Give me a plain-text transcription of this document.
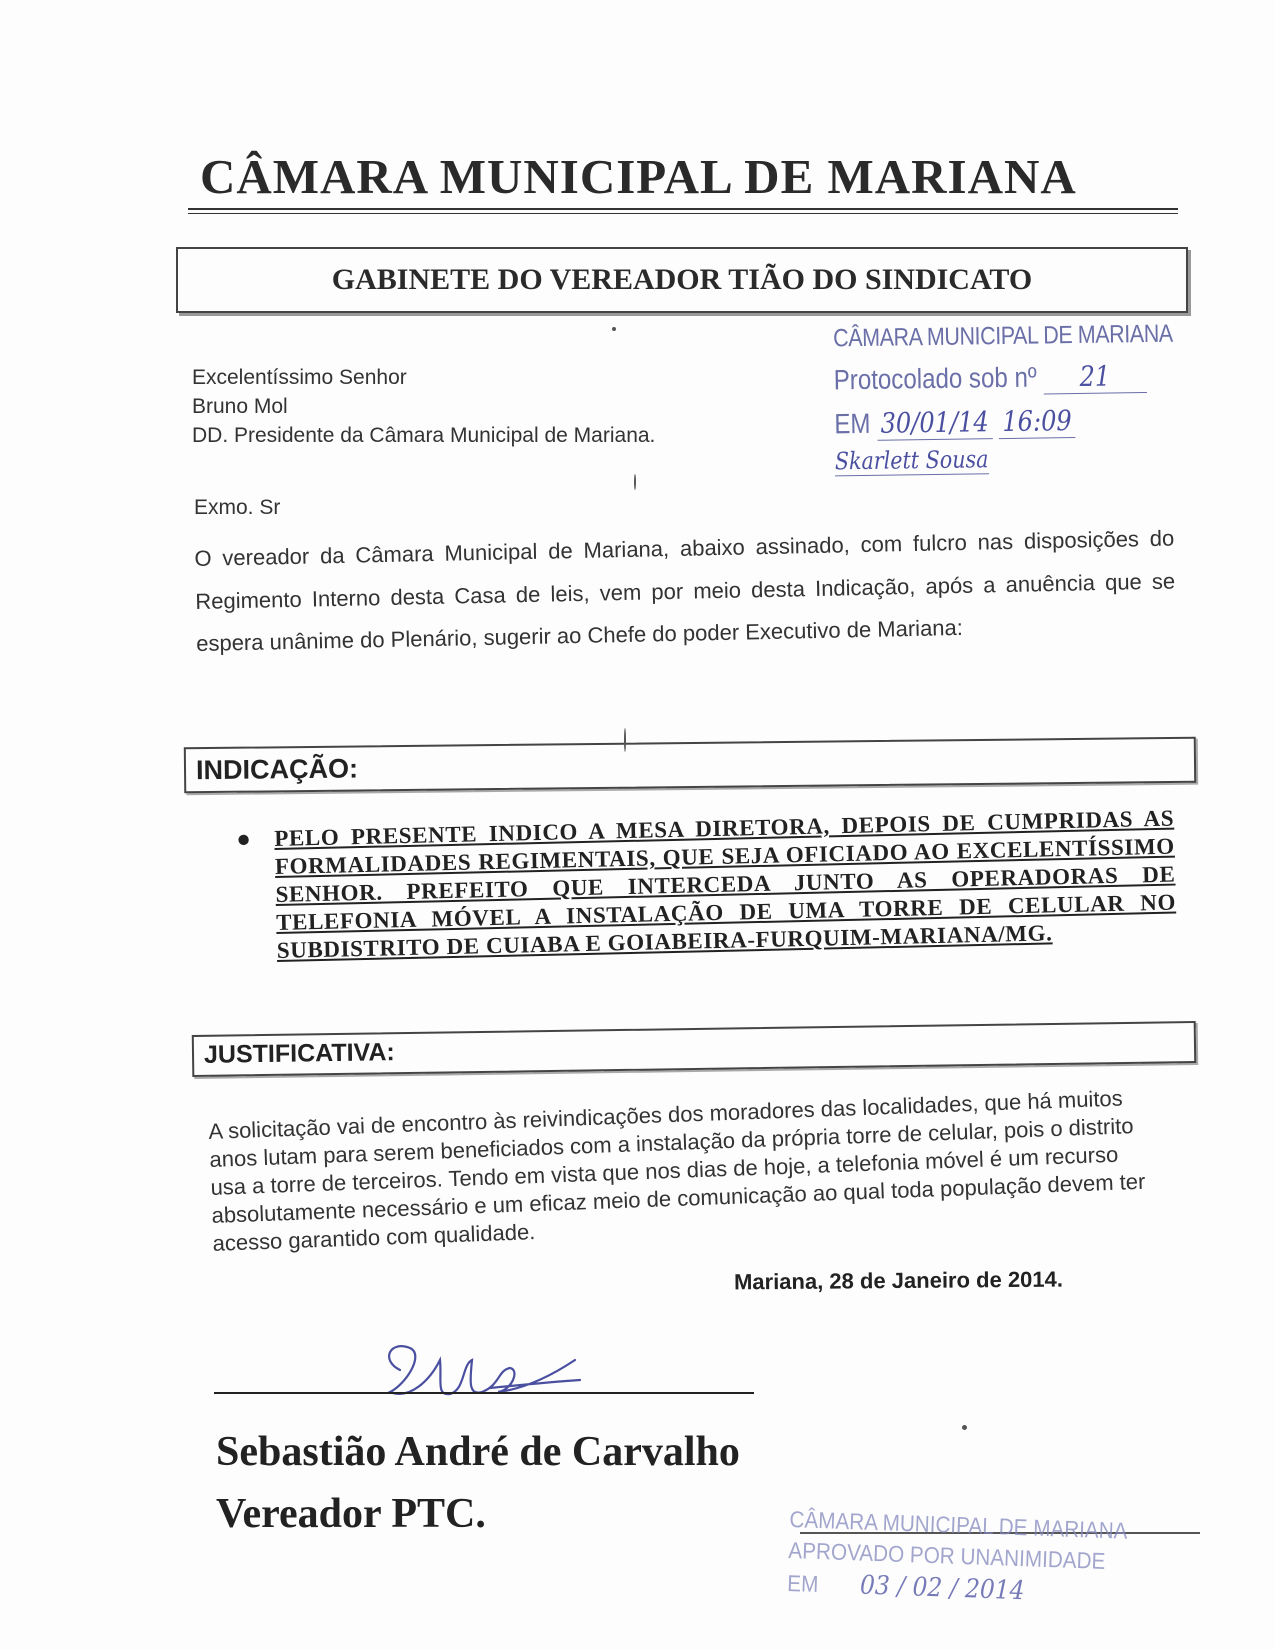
CÂMARA MUNICIPAL DE MARIANA
GABINETE DO VEREADOR TIÃO DO SINDICATO
CÂMARA MUNICIPAL DE MARIANA
Protocolado sob nº 21
EM 30/01/14 16:09
Skarlett Sousa
Excelentíssimo Senhor
Bruno Mol
DD. Presidente da Câmara Municipal de Mariana.
Exmo. Sr
O vereador da Câmara Municipal de Mariana, abaixo assinado, com fulcro nas disposições do Regimento Interno desta Casa de leis, vem por meio desta Indicação, após a anuência que se espera unânime do Plenário, sugerir ao Chefe do poder Executivo de Mariana:
INDICAÇÃO:
● PELO PRESENTE INDICO A MESA DIRETORA, DEPOIS DE CUMPRIDAS AS FORMALIDADES REGIMENTAIS, QUE SEJA OFICIADO AO EXCELENTÍSSIMO SENHOR. PREFEITO QUE INTERCEDA JUNTO AS OPERADORAS DE TELEFONIA MÓVEL A INSTALAÇÃO DE UMA TORRE DE CELULAR NO SUBDISTRITO DE CUIABA E GOIABEIRA-FURQUIM-MARIANA/MG.
JUSTIFICATIVA:
A solicitação vai de encontro às reivindicações dos moradores das localidades, que há muitos anos lutam para serem beneficiados com a instalação da própria torre de celular, pois o distrito usa a torre de terceiros. Tendo em vista que nos dias de hoje, a telefonia móvel é um recurso absolutamente necessário e um eficaz meio de comunicação ao qual toda população devem ter acesso garantido com qualidade.
Mariana, 28 de Janeiro de 2014.
Sebastião André de Carvalho
Vereador PTC.	CÂMARA MUNICIPAL DE MARIANA
APROVADO POR UNANIMIDADE
EM 03 / 02 / 2014
